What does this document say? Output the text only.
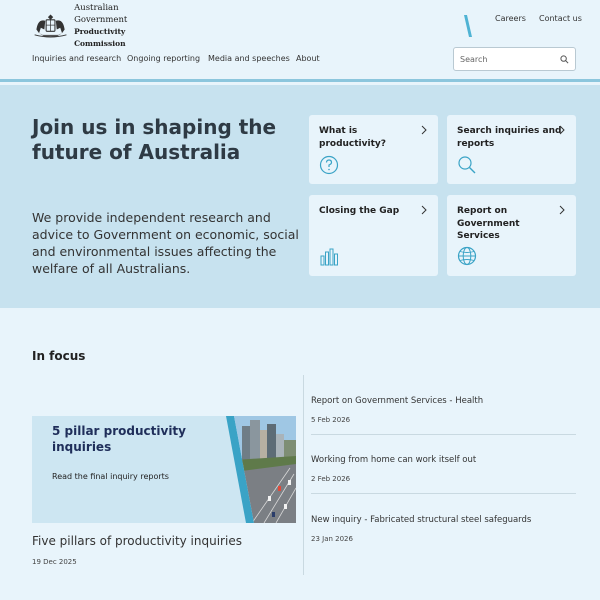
Australian Government
Productivity Commission
Careers Contact us
Inquiries and research Ongoing reporting Media and speeches About
Search
Join us in shaping the future of Australia
We provide independent research and advice to Government on economic, social and environmental issues affecting the welfare of all Australians.
What is productivity?
Search inquiries and reports
Closing the Gap	Report on Government Services
In focus
5 pillar productivity inquiries
Read the final inquiry reports
Five pillars of productivity inquiries
19 Dec 2025
Report on Government Services - Health
5 Feb 2026
Working from home can work itself out
2 Feb 2026
New inquiry - Fabricated structural steel safeguards
23 Jan 2026
